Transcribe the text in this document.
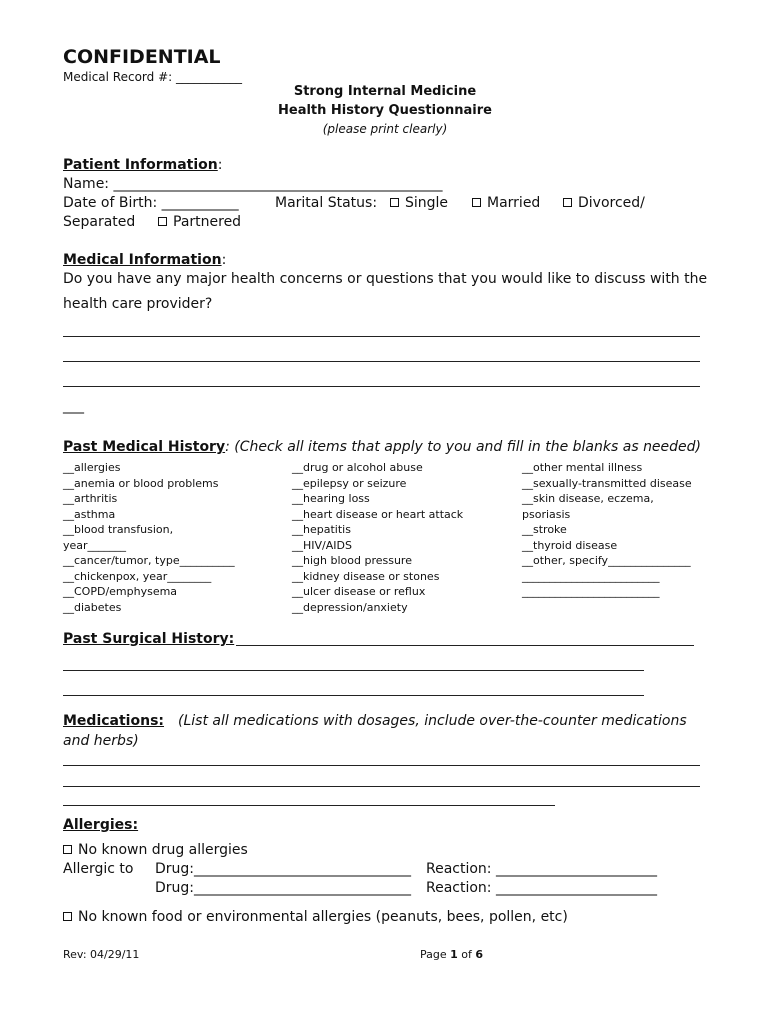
CONFIDENTIAL
Medical Record #: ___________
Strong Internal Medicine
Health History Questionnaire
(please print clearly)
Patient Information:
Name: _______________________________________________
Date of Birth: ___________	Marital Status:	Single	Married	Divorced/
Separated	Partnered
Medical Information:
Do you have any major health concerns or questions that you would like to discuss with the
health care provider?
___
Past Medical History: (Check all items that apply to you and fill in the blanks as needed)
__allergies
__anemia or blood problems
__arthritis
__asthma
__blood transfusion,
year_______
__cancer/tumor, type__________
__chickenpox, year________
__COPD/emphysema
__diabetes
__drug or alcohol abuse
__epilepsy or seizure
__hearing loss
__heart disease or heart attack
__hepatitis
__HIV/AIDS
__high blood pressure
__kidney disease or stones
__ulcer disease or reflux
__depression/anxiety
__other mental illness
__sexually-transmitted disease
__skin disease, eczema,
psoriasis
__stroke
__thyroid disease
__other, specify_______________
_________________________
_________________________
Past Surgical History:
Medications: (List all medications with dosages, include over-the-counter medications
and herbs)
Allergies:
No known drug allergies
Allergic to Drug:_______________________________ Reaction: _______________________
Drug:_______________________________ Reaction: _______________________
No known food or environmental allergies (peanuts, bees, pollen, etc)
Rev: 04/29/11	Page 1 of 6
